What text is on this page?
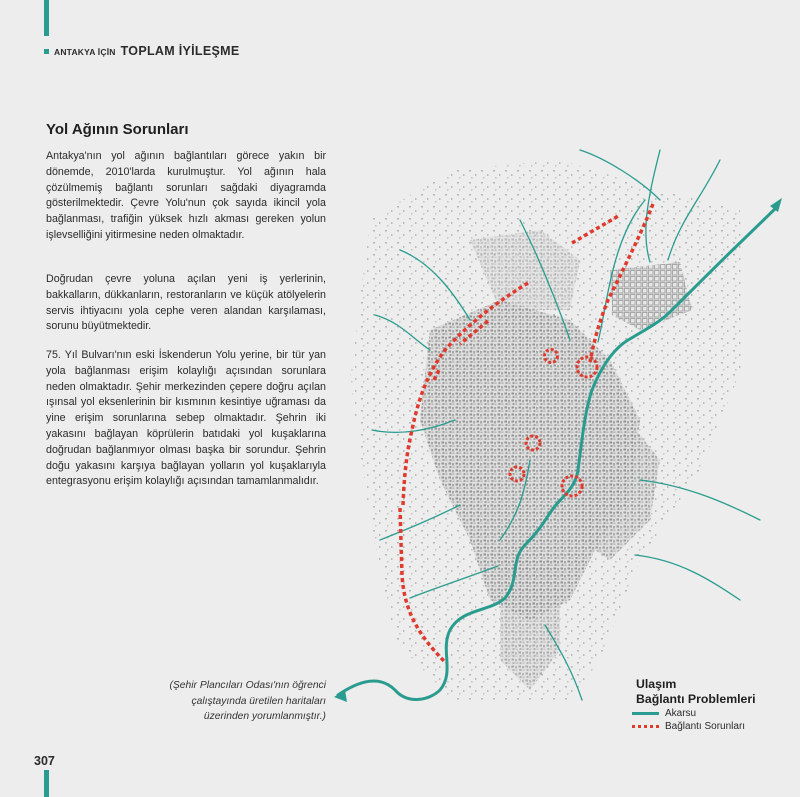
ANTAKYA İÇİN TOPLAM İYİLEŞME
Yol Ağının Sorunları
Antakya'nın yol ağının bağlantıları görece yakın bir dönemde, 2010'larda kurulmuştur. Yol ağının hala çözülmemiş bağlantı sorunları sağdaki diyagramda gösterilmektedir. Çevre Yolu'nun çok sayıda ikincil yola bağlanması, trafiğin yüksek hızlı akması gereken yolun işlevselliğini yitirmesine neden olmaktadır.
Doğrudan çevre yoluna açılan yeni iş yerlerinin, bakkalların, dükkanların, restoranların ve küçük atölyelerin servis ihtiyacını yola cephe veren alandan karşılaması, sorunu büyütmektedir.
75. Yıl Bulvarı'nın eski İskenderun Yolu yerine, bir tür yan yola bağlanması erişim kolaylığı açısından sorunlara neden olmaktadır. Şehir merkezinden çepere doğru açılan ışınsal yol eksenlerinin bir kısmının kesintiye uğraması da yine erişim sorunlarına sebep olmaktadır. Şehrin iki yakasını bağlayan köprülerin batıdaki yol kuşaklarına doğrudan bağlanmıyor olması başka bir sorundur. Şehrin doğu yakasını karşıya bağlayan yolların yol kuşaklarıyla entegrasyonu erişim kolaylığı açısından tamamlanmalıdır.
(Şehir Plancıları Odası'nın öğrenci çalıştayında üretilen haritaları üzerinden yorumlanmıştır.)
Ulaşım
Bağlantı Problemleri
Akarsu
Bağlantı Sorunları
307
